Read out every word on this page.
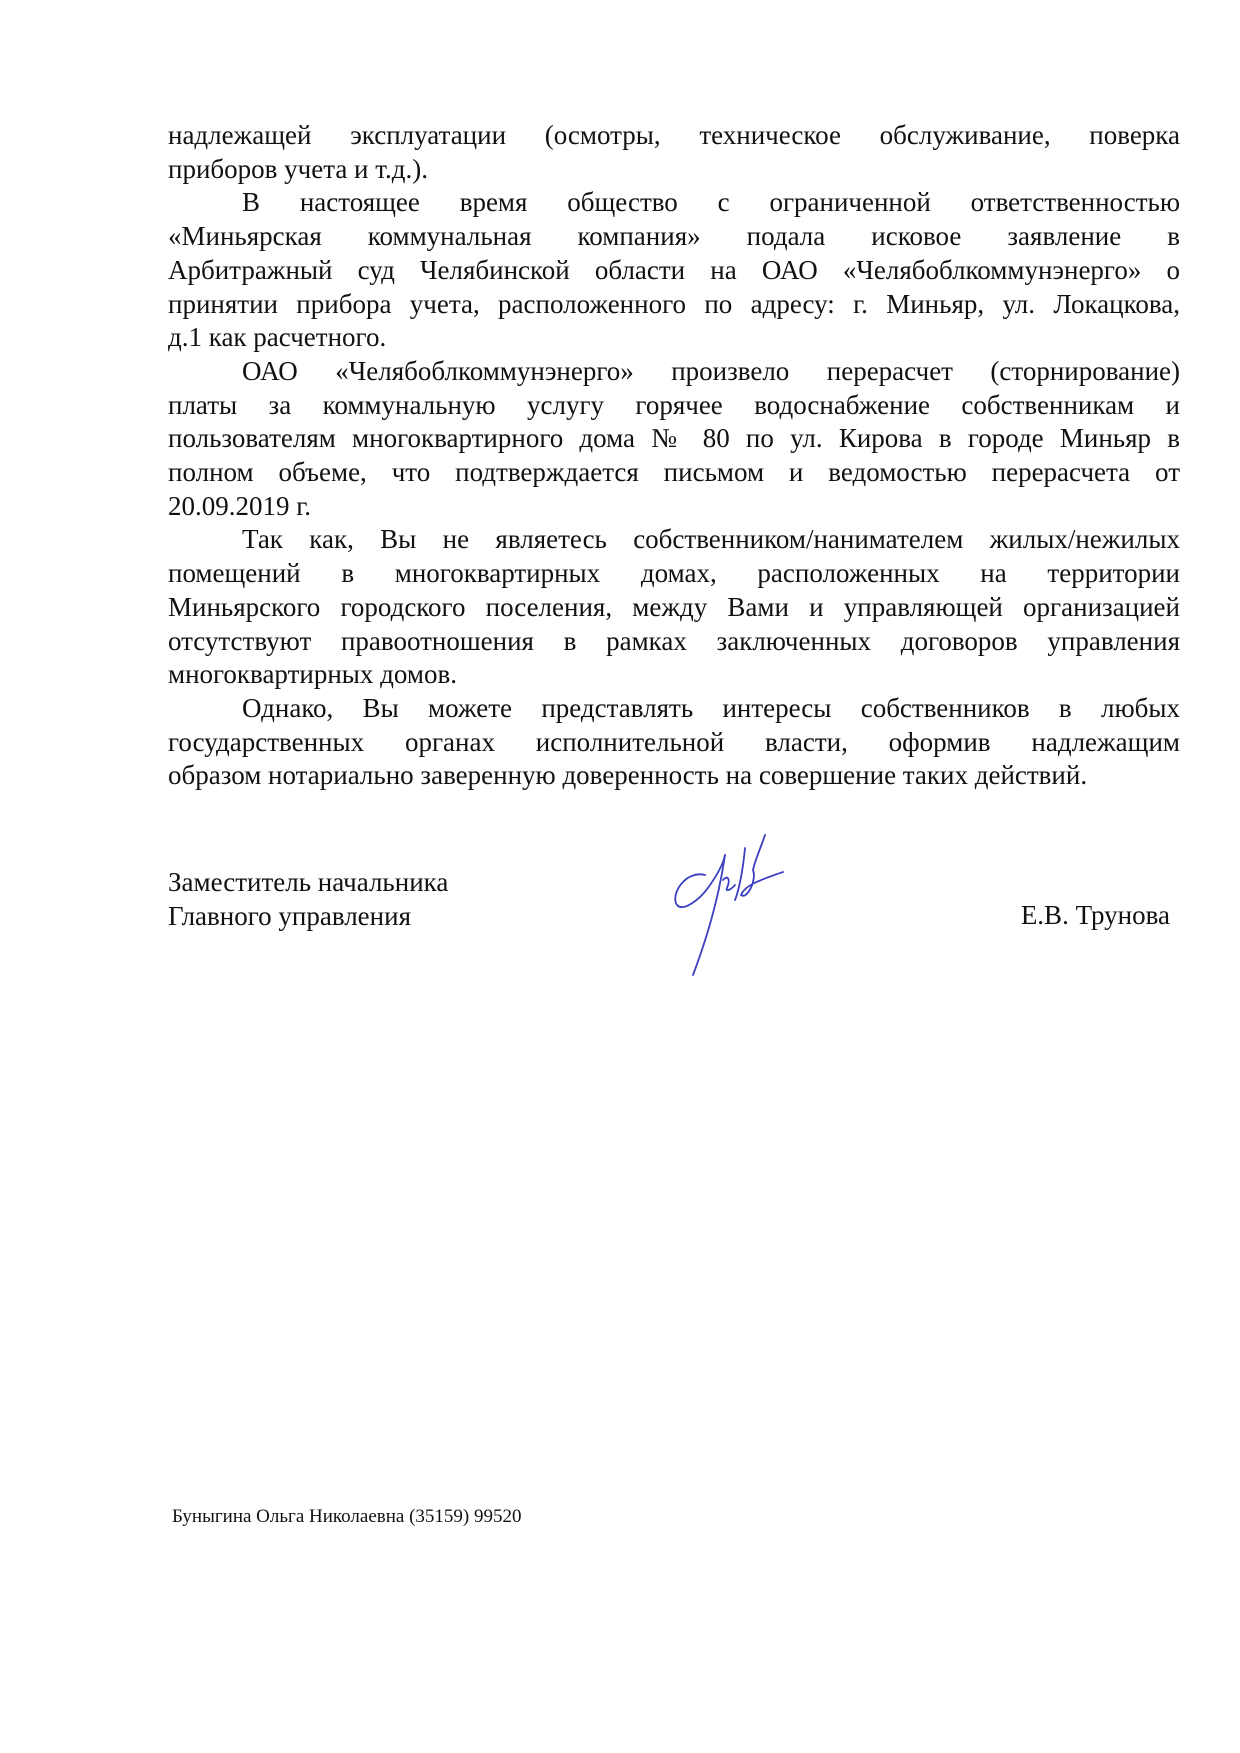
надлежащей эксплуатации (осмотры, техническое обслуживание, поверка
приборов учета и т.д.).
В настоящее время общество с ограниченной ответственностью
«Миньярская коммунальная компания» подала исковое заявление в
Арбитражный суд Челябинской области на ОАО «Челябоблкоммунэнерго» о
принятии прибора учета, расположенного по адресу: г. Миньяр, ул. Локацкова,
д.1 как расчетного.
ОАО «Челябоблкоммунэнерго» произвело перерасчет (сторнирование)
платы за коммунальную услугу горячее водоснабжение собственникам и
пользователям многоквартирного дома № 80 по ул. Кирова в городе Миньяр в
полном объеме, что подтверждается письмом и ведомостью перерасчета от
20.09.2019 г.
Так как, Вы не являетесь собственником/нанимателем жилых/нежилых
помещений в многоквартирных домах, расположенных на территории
Миньярского городского поселения, между Вами и управляющей организацией
отсутствуют правоотношения в рамках заключенных договоров управления
многоквартирных домов.
Однако, Вы можете представлять интересы собственников в любых
государственных органах исполнительной власти, оформив надлежащим
образом нотариально заверенную доверенность на совершение таких действий.
Заместитель начальника
Главного управления	Е.В. Трунова
Буныгина Ольга Николаевна (35159) 99520
